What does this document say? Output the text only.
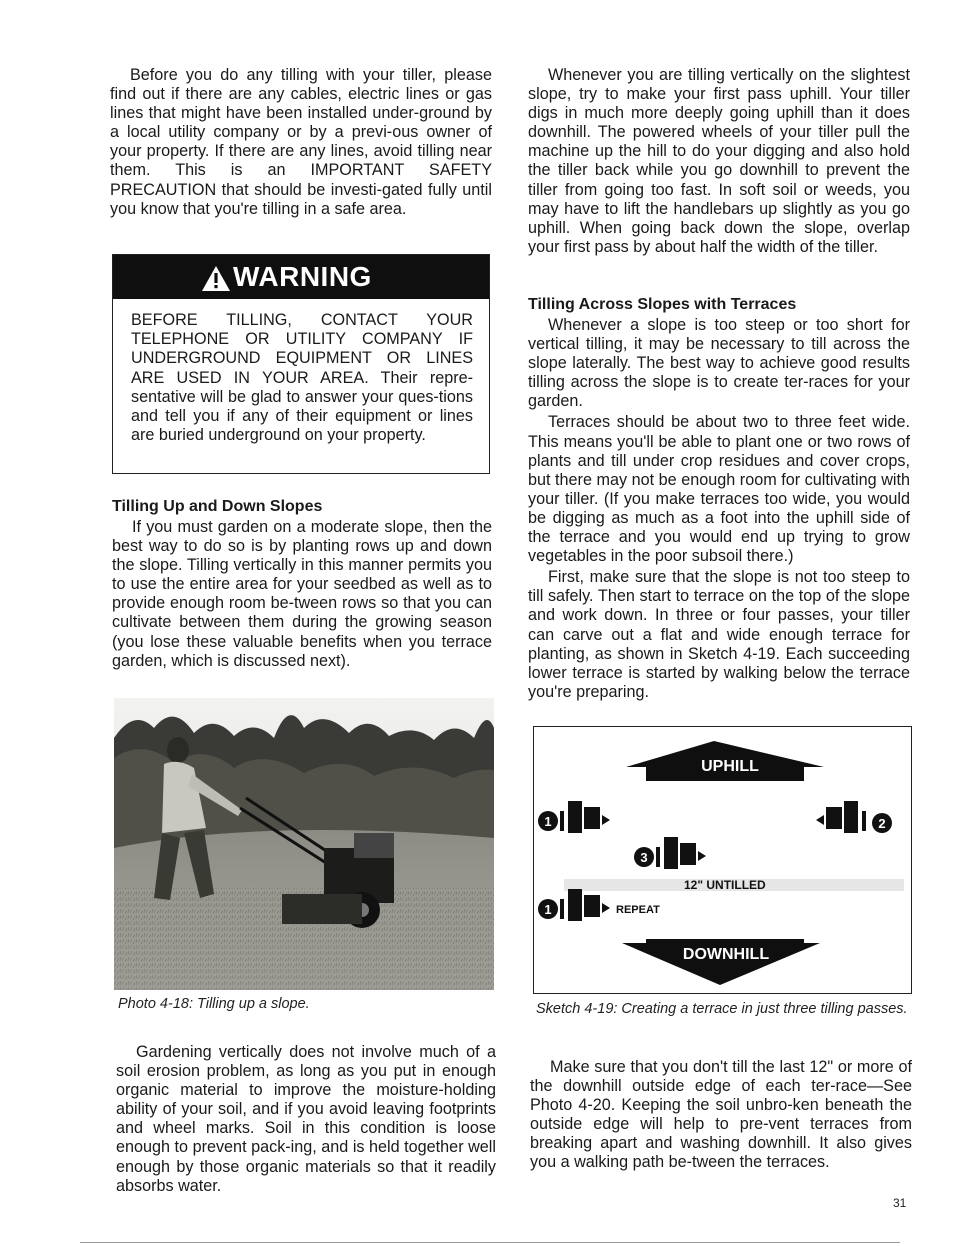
Before you do any tilling with your tiller, please find out if there are any cables, electric lines or gas lines that might have been installed under-ground by a local utility company or by a previ-ous owner of your property. If there are any lines, avoid tilling near them. This is an IMPORTANT SAFETY PRECAUTION that should be investi-gated fully until you know that you're tilling in a safe area.

WARNING

BEFORE TILLING, CONTACT YOUR TELEPHONE OR UTILITY COMPANY IF UNDERGROUND EQUIPMENT OR LINES ARE USED IN YOUR AREA. Their repre-sentative will be glad to answer your ques-tions and tell you if any of their equipment or lines are buried underground on your property.

Tilling Up and Down Slopes

If you must garden on a moderate slope, then the best way to do so is by planting rows up and down the slope. Tilling vertically in this manner permits you to use the entire area for your seedbed as well as to provide enough room be-tween rows so that you can cultivate between them during the growing season (you lose these valuable benefits when you terrace garden, which is discussed next).

Photo 4-18: Tilling up a slope.

Gardening vertically does not involve much of a soil erosion problem, as long as you put in enough organic material to improve the moisture-holding ability of your soil, and if you avoid leaving footprints and wheel marks. Soil in this condition is loose enough to prevent pack-ing, and is held together well enough by those organic materials so that it readily absorbs water.

Whenever you are tilling vertically on the slightest slope, try to make your first pass uphill. Your tiller digs in much more deeply going uphill than it does downhill. The powered wheels of your tiller pull the machine up the hill to do your digging and also hold the tiller back while you go downhill to prevent the tiller from going too fast. In soft soil or weeds, you may have to lift the handlebars up slightly as you go uphill. When going back down the slope, overlap your first pass by about half the width of the tiller.

Tilling Across Slopes with Terraces

Whenever a slope is too steep or too short for vertical tilling, it may be necessary to till across the slope laterally. The best way to achieve good results tilling across the slope is to create ter-races for your garden.

Terraces should be about two to three feet wide. This means you'll be able to plant one or two rows of plants and till under crop residues and cover crops, but there may not be enough room for cultivating with your tiller. (If you make terraces too wide, you would be digging as much as a foot into the uphill side of the terrace and you would end up trying to grow vegetables in the poor subsoil there.)

First, make sure that the slope is not too steep to till safely. Then start to terrace on the top of the slope and work down. In three or four passes, your tiller can carve out a flat and wide enough terrace for planting, as shown in Sketch 4-19. Each succeeding lower terrace is started by walking below the terrace you're preparing.

UPHILL
1	2
3
12" UNTILLED
1	REPEAT
DOWNHILL

Sketch 4-19: Creating a terrace in just three tilling passes.

Make sure that you don't till the last 12" or more of the downhill outside edge of each ter-race—See Photo 4-20. Keeping the soil unbro-ken beneath the outside edge will help to pre-vent terraces from breaking apart and washing downhill. It also gives you a walking path be-tween the terraces.

31
